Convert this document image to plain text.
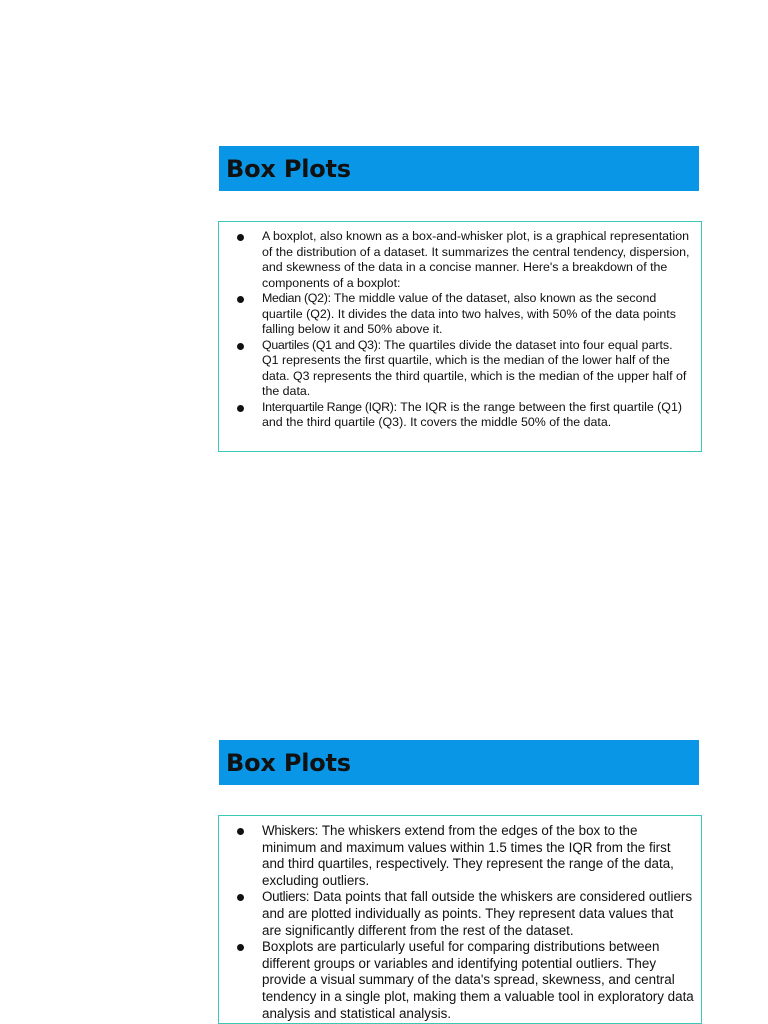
Box Plots
A boxplot, also known as a box-and-whisker plot, is a graphical representation of the distribution of a dataset. It summarizes the central tendency, dispersion, and skewness of the data in a concise manner. Here's a breakdown of the components of a boxplot:
Median (Q2): The middle value of the dataset, also known as the second quartile (Q2). It divides the data into two halves, with 50% of the data points falling below it and 50% above it.
Quartiles (Q1 and Q3): The quartiles divide the dataset into four equal parts. Q1 represents the first quartile, which is the median of the lower half of the data. Q3 represents the third quartile, which is the median of the upper half of the data.
Interquartile Range (IQR): The IQR is the range between the first quartile (Q1) and the third quartile (Q3). It covers the middle 50% of the data.
Box Plots
Whiskers: The whiskers extend from the edges of the box to the minimum and maximum values within 1.5 times the IQR from the first and third quartiles, respectively. They represent the range of the data, excluding outliers.
Outliers: Data points that fall outside the whiskers are considered outliers and are plotted individually as points. They represent data values that are significantly different from the rest of the dataset.
Boxplots are particularly useful for comparing distributions between different groups or variables and identifying potential outliers. They provide a visual summary of the data's spread, skewness, and central tendency in a single plot, making them a valuable tool in exploratory data analysis and statistical analysis.
